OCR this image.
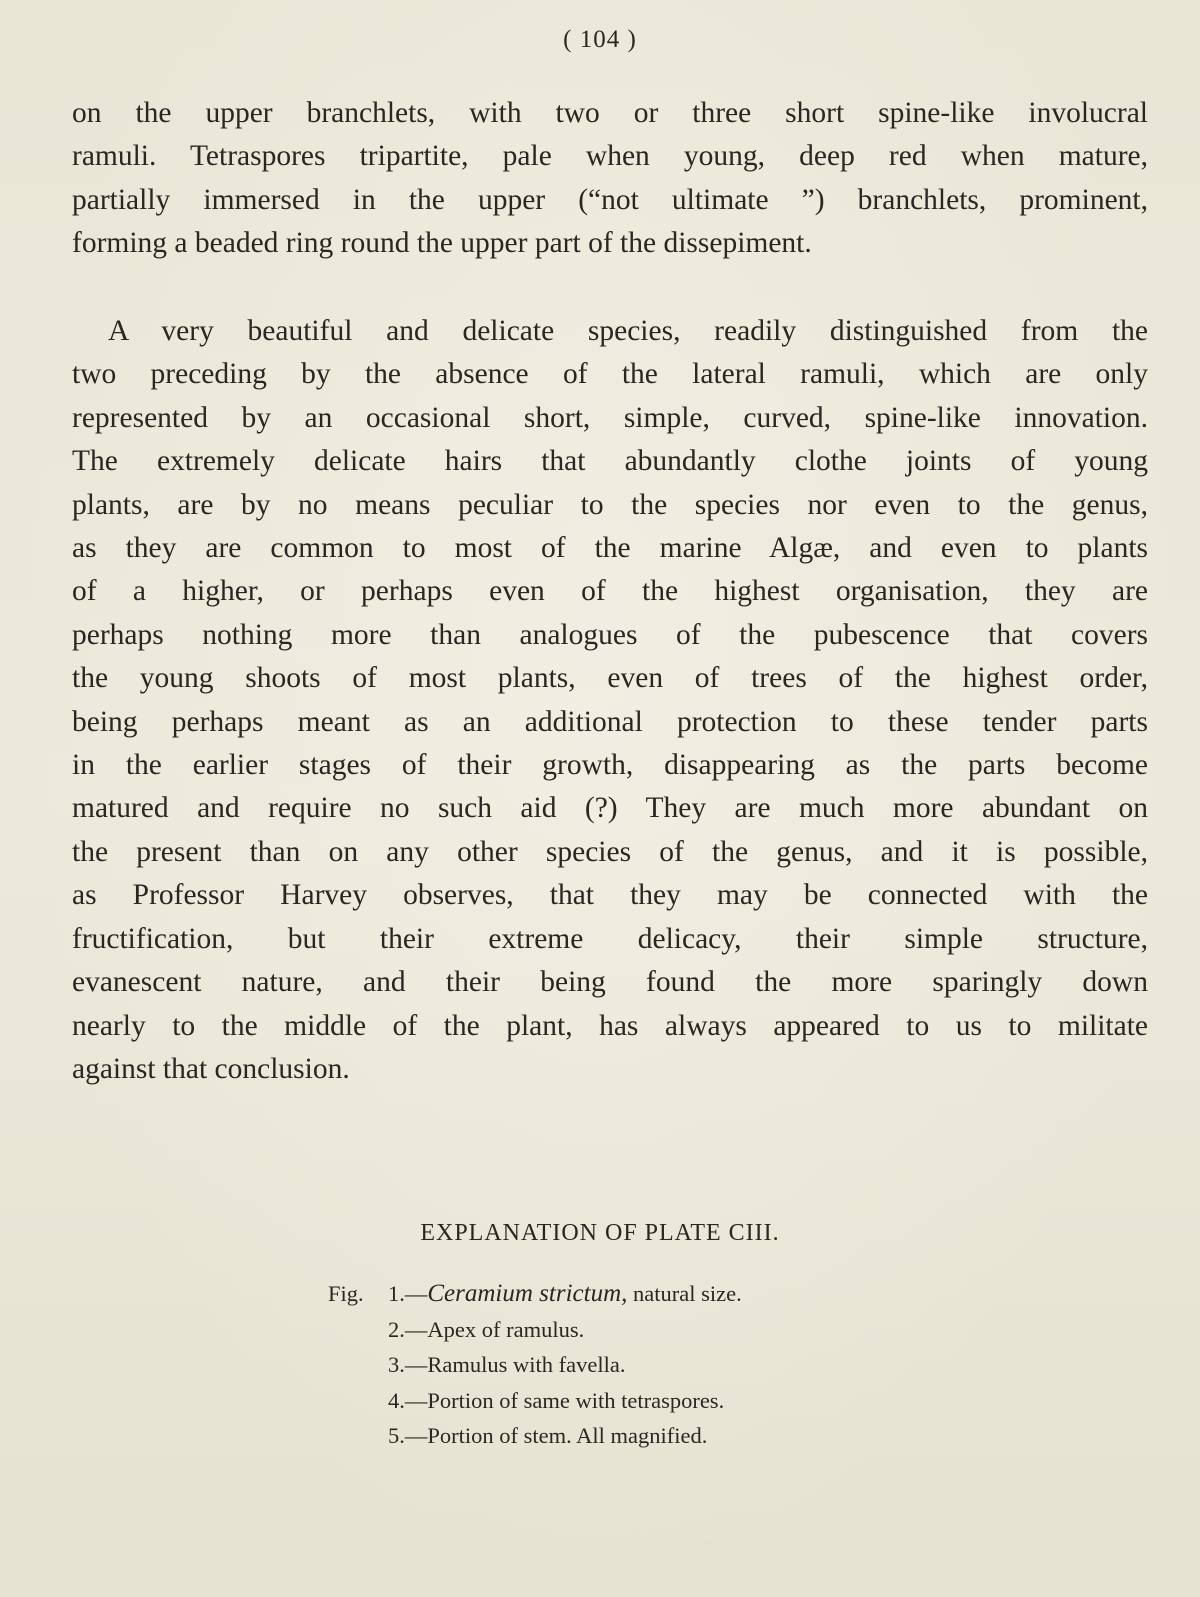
( 104 )

on the upper branchlets, with two or three short spine-like involucral
ramuli. Tetraspores tripartite, pale when young, deep red when mature,
partially immersed in the upper (“not ultimate ”) branchlets, prominent,
forming a beaded ring round the upper part of the dissepiment.

A very beautiful and delicate species, readily distinguished from the
two preceding by the absence of the lateral ramuli, which are only
represented by an occasional short, simple, curved, spine-like innovation.
The extremely delicate hairs that abundantly clothe joints of young
plants, are by no means peculiar to the species nor even to the genus,
as they are common to most of the marine Algæ, and even to plants
of a higher, or perhaps even of the highest organisation, they are
perhaps nothing more than analogues of the pubescence that covers
the young shoots of most plants, even of trees of the highest order,
being perhaps meant as an additional protection to these tender parts
in the earlier stages of their growth, disappearing as the parts become
matured and require no such aid (?) They are much more abundant on
the present than on any other species of the genus, and it is possible,
as Professor Harvey observes, that they may be connected with the
fructification, but their extreme delicacy, their simple structure,
evanescent nature, and their being found the more sparingly down
nearly to the middle of the plant, has always appeared to us to militate
against that conclusion.

EXPLANATION OF PLATE CIII.
Fig. 1.—Ceramium strictum, natural size.
2.—Apex of ramulus.
3.—Ramulus with favella.
4.—Portion of same with tetraspores.
5.—Portion of stem. All magnified.
